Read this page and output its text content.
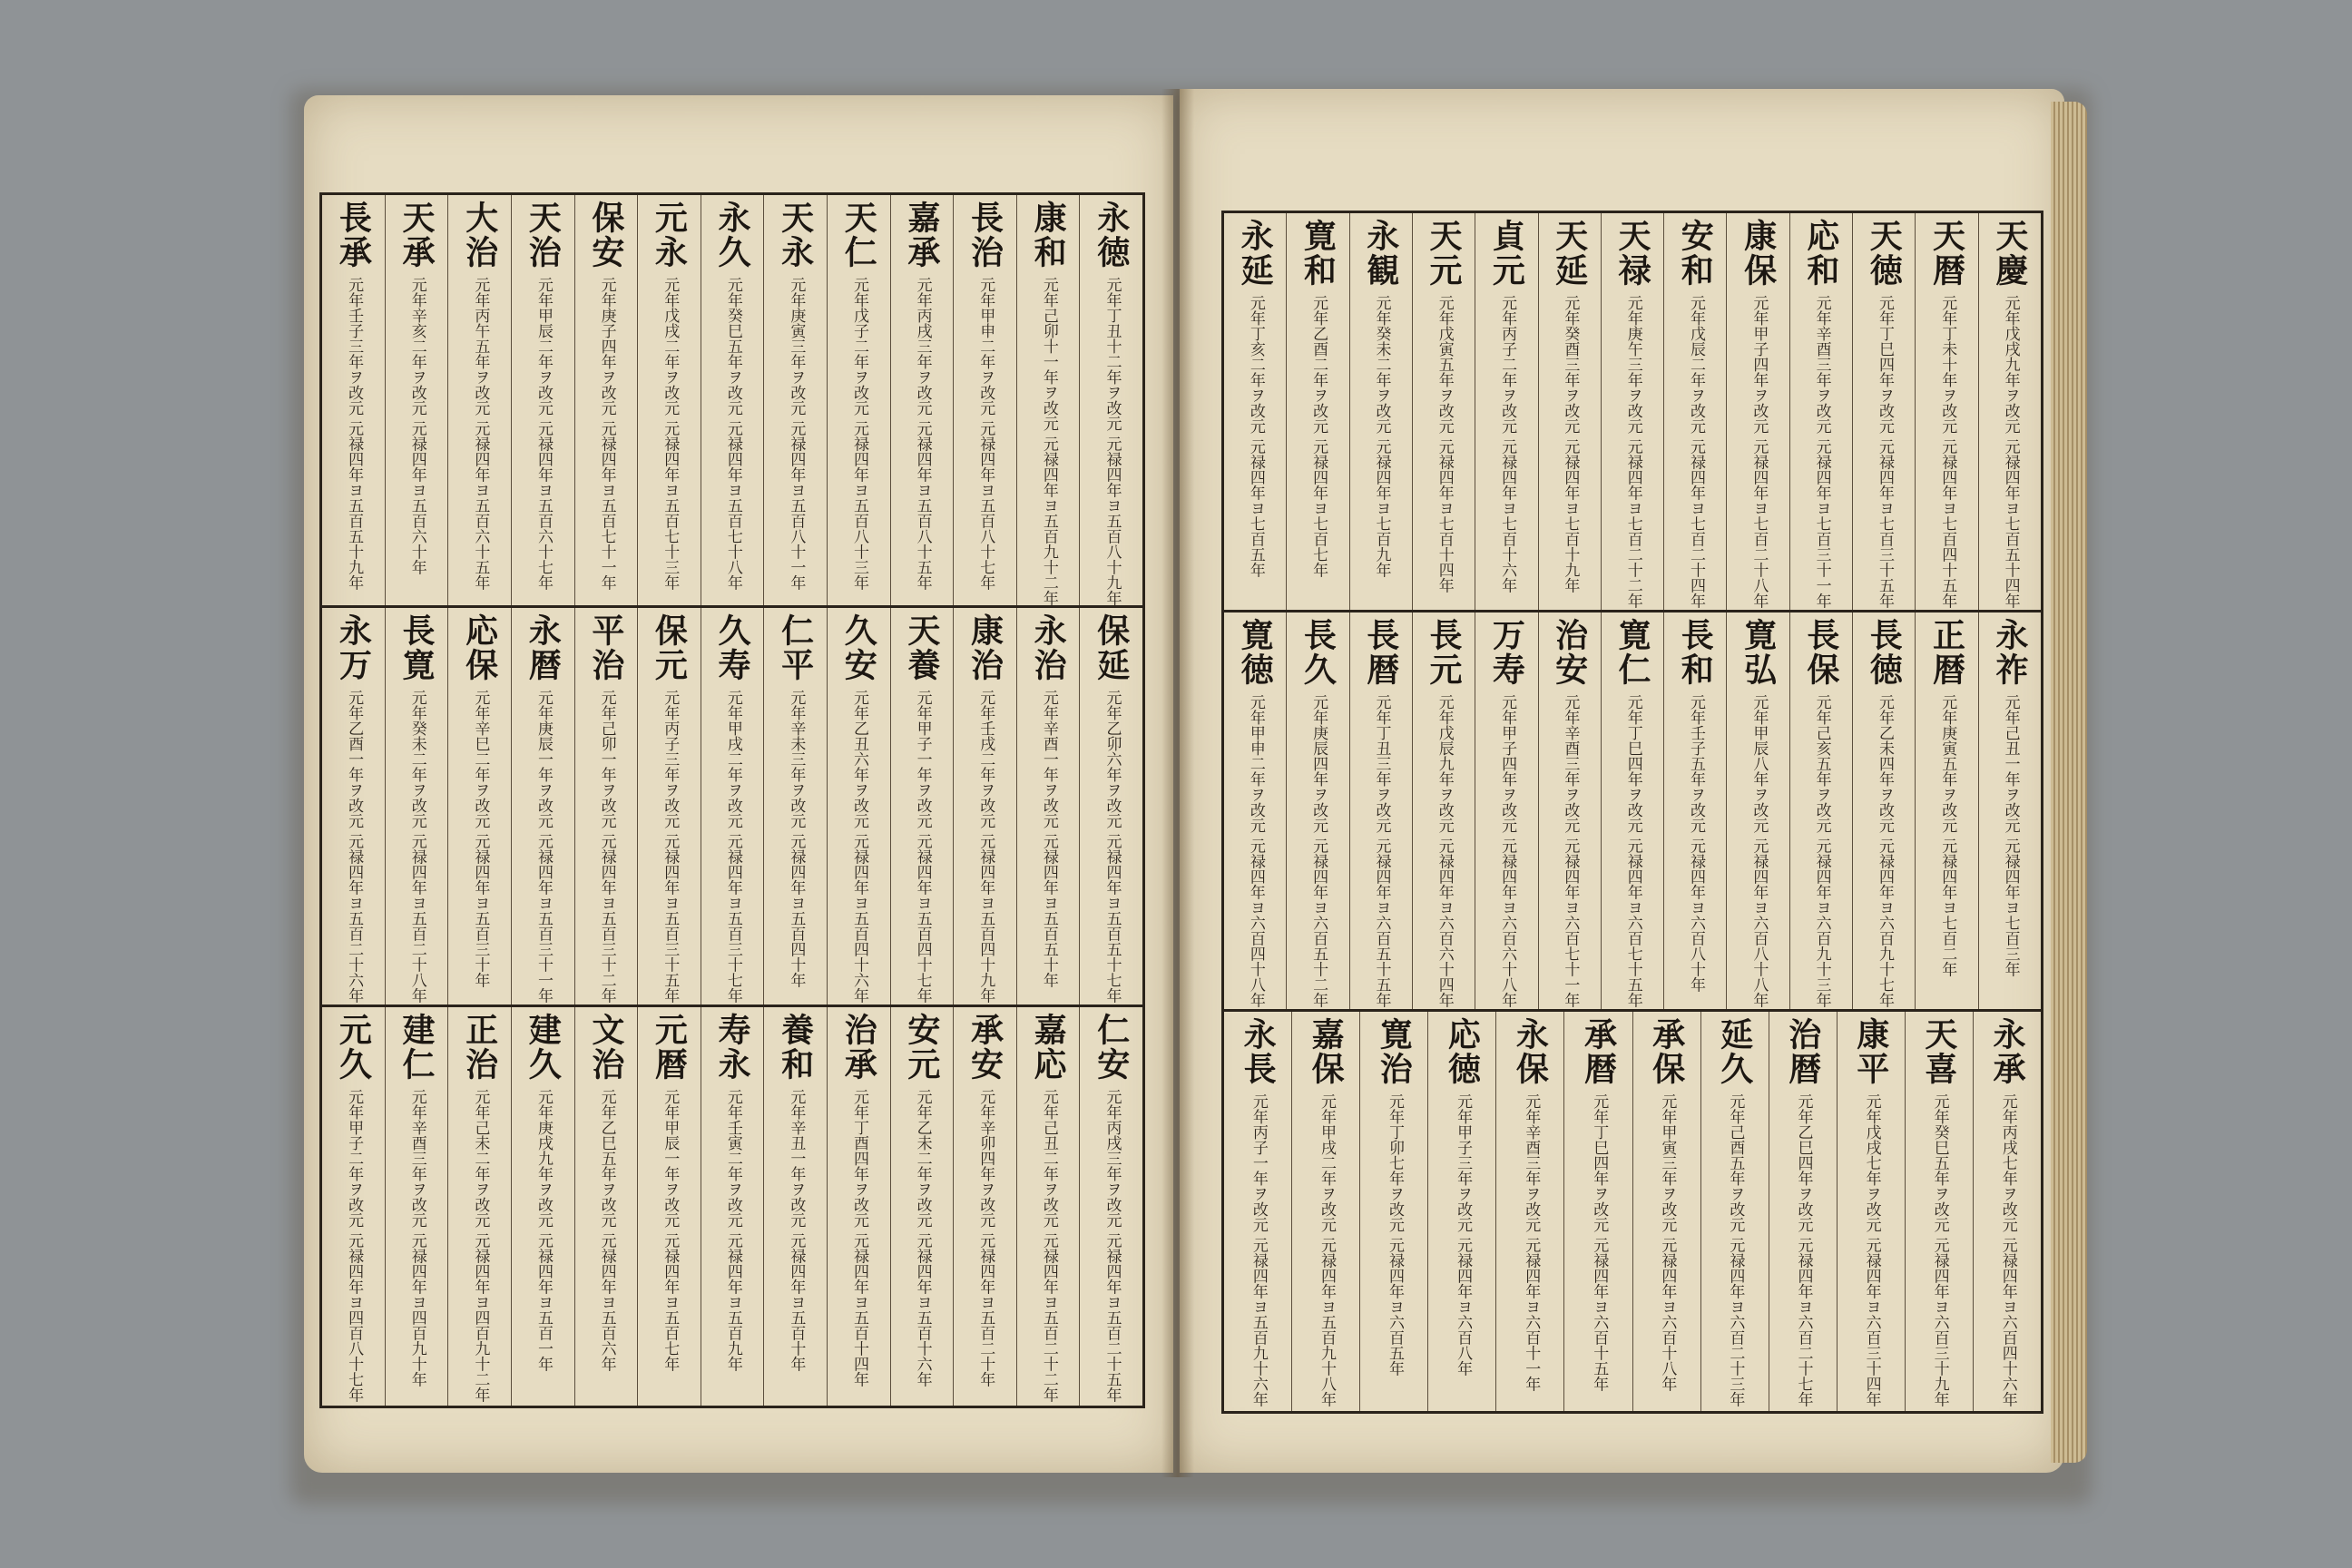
永徳
元年丁丑十二年ヲ改元 元禄四年ヨ五百八十九年
康和
元年己卯十一年ヲ改元 元禄四年ヨ五百九十二年
長治
元年甲申二年ヲ改元 元禄四年ヨ五百八十七年
嘉承
元年丙戌三年ヲ改元 元禄四年ヨ五百八十五年
天仁
元年戊子二年ヲ改元 元禄四年ヨ五百八十三年
天永
元年庚寅三年ヲ改元 元禄四年ヨ五百八十一年
永久
元年癸巳五年ヲ改元 元禄四年ヨ五百七十八年
元永
元年戊戌二年ヲ改元 元禄四年ヨ五百七十三年
保安
元年庚子四年ヲ改元 元禄四年ヨ五百七十一年
天治
元年甲辰二年ヲ改元 元禄四年ヨ五百六十七年
大治
元年丙午五年ヲ改元 元禄四年ヨ五百六十五年
天承
元年辛亥二年ヲ改元 元禄四年ヨ五百六十年
長承
元年壬子三年ヲ改元 元禄四年ヨ五百五十九年
保延
元年乙卯六年ヲ改元 元禄四年ヨ五百五十七年
永治
元年辛酉一年ヲ改元 元禄四年ヨ五百五十年
康治
元年壬戌二年ヲ改元 元禄四年ヨ五百四十九年
天養
元年甲子一年ヲ改元 元禄四年ヨ五百四十七年
久安
元年乙丑六年ヲ改元 元禄四年ヨ五百四十六年
仁平
元年辛未三年ヲ改元 元禄四年ヨ五百四十年
久寿
元年甲戌二年ヲ改元 元禄四年ヨ五百三十七年
保元
元年丙子三年ヲ改元 元禄四年ヨ五百三十五年
平治
元年己卯一年ヲ改元 元禄四年ヨ五百三十二年
永暦
元年庚辰一年ヲ改元 元禄四年ヨ五百三十一年
応保
元年辛巳二年ヲ改元 元禄四年ヨ五百三十年
長寛
元年癸未二年ヲ改元 元禄四年ヨ五百二十八年
永万
元年乙酉一年ヲ改元 元禄四年ヨ五百二十六年
仁安
元年丙戌三年ヲ改元 元禄四年ヨ五百二十五年
嘉応
元年己丑二年ヲ改元 元禄四年ヨ五百二十二年
承安
元年辛卯四年ヲ改元 元禄四年ヨ五百二十年
安元
元年乙未二年ヲ改元 元禄四年ヨ五百十六年
治承
元年丁酉四年ヲ改元 元禄四年ヨ五百十四年
養和
元年辛丑一年ヲ改元 元禄四年ヨ五百十年
寿永
元年壬寅二年ヲ改元 元禄四年ヨ五百九年
元暦
元年甲辰一年ヲ改元 元禄四年ヨ五百七年
文治
元年乙巳五年ヲ改元 元禄四年ヨ五百六年
建久
元年庚戌九年ヲ改元 元禄四年ヨ五百一年
正治
元年己未二年ヲ改元 元禄四年ヨ四百九十二年
建仁
元年辛酉三年ヲ改元 元禄四年ヨ四百九十年
元久
元年甲子二年ヲ改元 元禄四年ヨ四百八十七年
天慶
元年戊戌九年ヲ改元 元禄四年ヨ七百五十四年
天暦
元年丁未十年ヲ改元 元禄四年ヨ七百四十五年
天徳
元年丁巳四年ヲ改元 元禄四年ヨ七百三十五年
応和
元年辛酉三年ヲ改元 元禄四年ヨ七百三十一年
康保
元年甲子四年ヲ改元 元禄四年ヨ七百二十八年
安和
元年戊辰二年ヲ改元 元禄四年ヨ七百二十四年
天禄
元年庚午三年ヲ改元 元禄四年ヨ七百二十二年
天延
元年癸酉三年ヲ改元 元禄四年ヨ七百十九年
貞元
元年丙子二年ヲ改元 元禄四年ヨ七百十六年
天元
元年戊寅五年ヲ改元 元禄四年ヨ七百十四年
永観
元年癸未二年ヲ改元 元禄四年ヨ七百九年
寛和
元年乙酉二年ヲ改元 元禄四年ヨ七百七年
永延
元年丁亥二年ヲ改元 元禄四年ヨ七百五年
永祚
元年己丑一年ヲ改元 元禄四年ヨ七百三年
正暦
元年庚寅五年ヲ改元 元禄四年ヨ七百二年
長徳
元年乙未四年ヲ改元 元禄四年ヨ六百九十七年
長保
元年己亥五年ヲ改元 元禄四年ヨ六百九十三年
寛弘
元年甲辰八年ヲ改元 元禄四年ヨ六百八十八年
長和
元年壬子五年ヲ改元 元禄四年ヨ六百八十年
寛仁
元年丁巳四年ヲ改元 元禄四年ヨ六百七十五年
治安
元年辛酉三年ヲ改元 元禄四年ヨ六百七十一年
万寿
元年甲子四年ヲ改元 元禄四年ヨ六百六十八年
長元
元年戊辰九年ヲ改元 元禄四年ヨ六百六十四年
長暦
元年丁丑三年ヲ改元 元禄四年ヨ六百五十五年
長久
元年庚辰四年ヲ改元 元禄四年ヨ六百五十二年
寛徳
元年甲申二年ヲ改元 元禄四年ヨ六百四十八年
永承
元年丙戌七年ヲ改元 元禄四年ヨ六百四十六年
天喜
元年癸巳五年ヲ改元 元禄四年ヨ六百三十九年
康平
元年戊戌七年ヲ改元 元禄四年ヨ六百三十四年
治暦
元年乙巳四年ヲ改元 元禄四年ヨ六百二十七年
延久
元年己酉五年ヲ改元 元禄四年ヨ六百二十三年
承保
元年甲寅三年ヲ改元 元禄四年ヨ六百十八年
承暦
元年丁巳四年ヲ改元 元禄四年ヨ六百十五年
永保
元年辛酉三年ヲ改元 元禄四年ヨ六百十一年
応徳
元年甲子三年ヲ改元 元禄四年ヨ六百八年
寛治
元年丁卯七年ヲ改元 元禄四年ヨ六百五年
嘉保
元年甲戌二年ヲ改元 元禄四年ヨ五百九十八年
永長
元年丙子一年ヲ改元 元禄四年ヨ五百九十六年
